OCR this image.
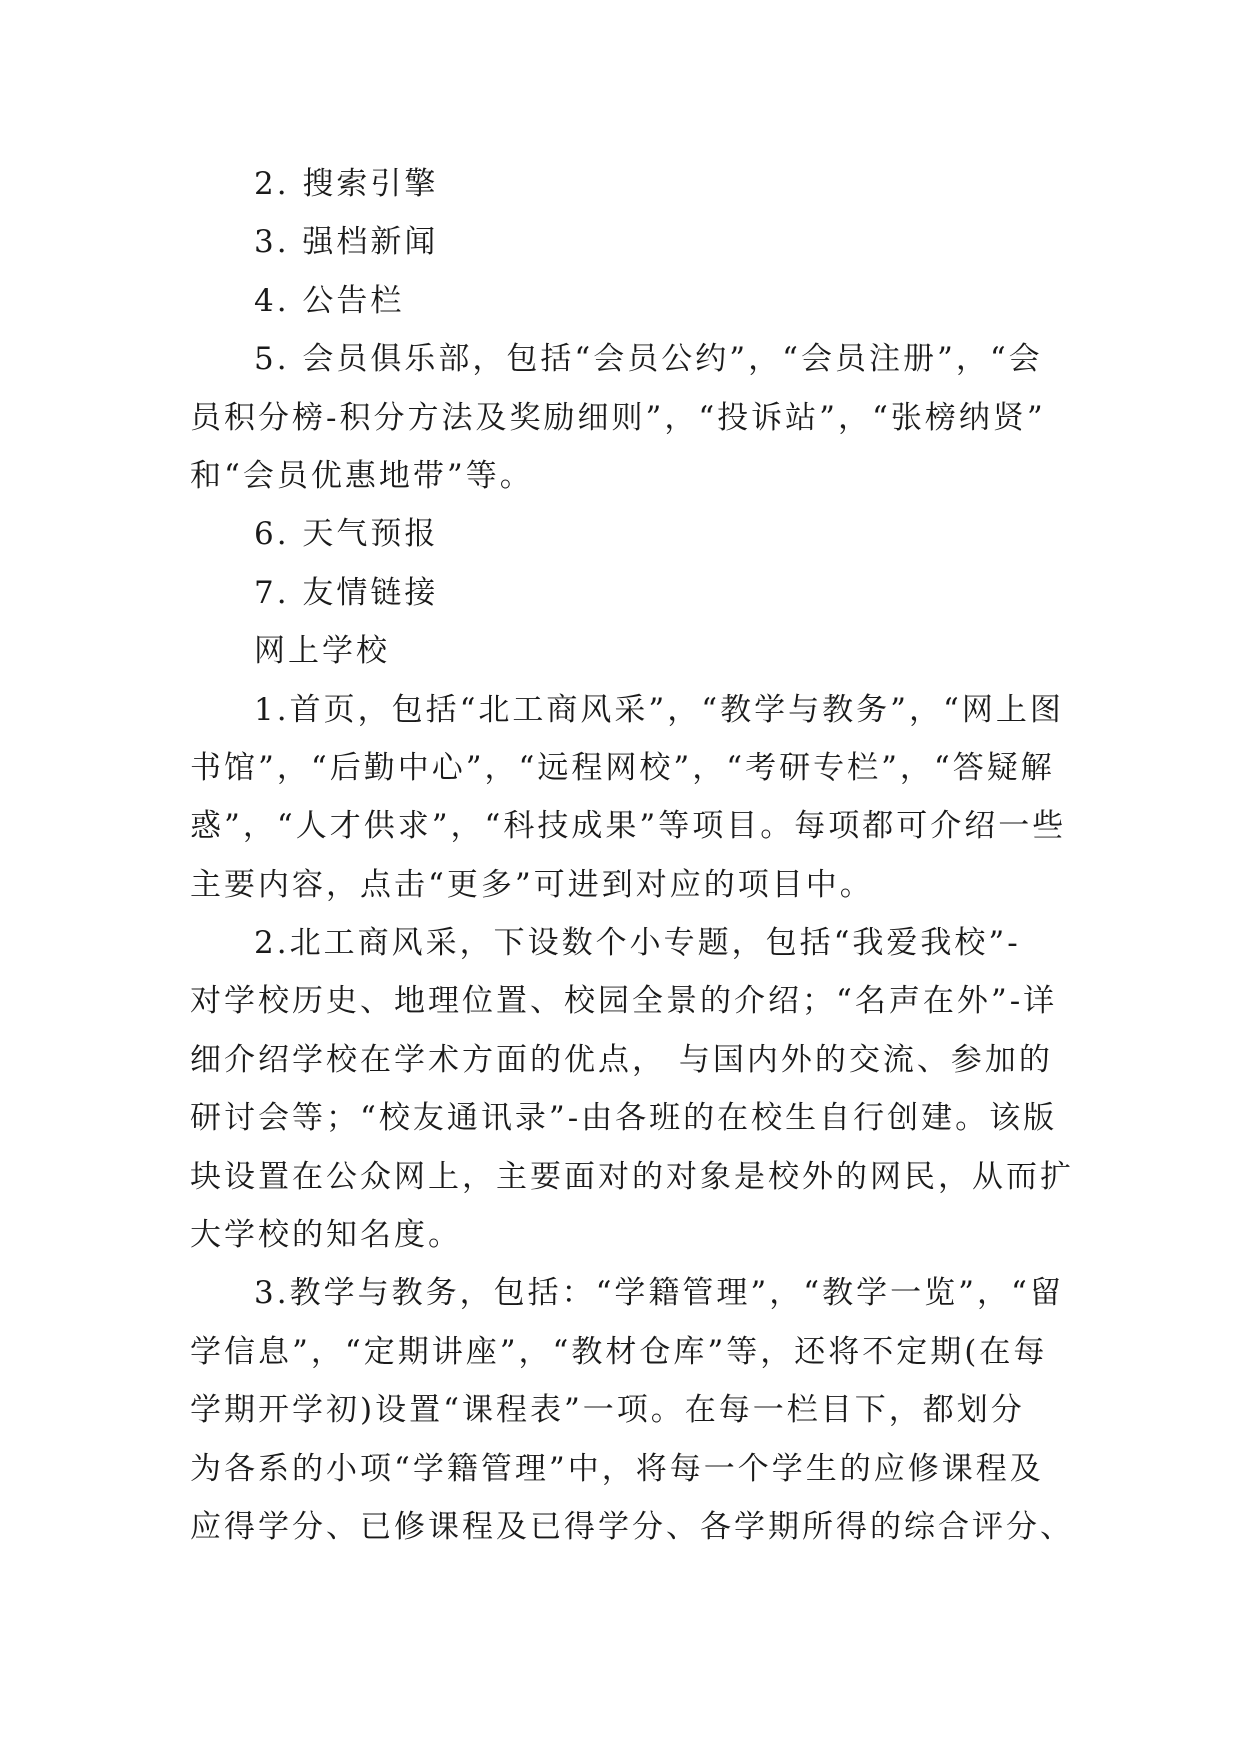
2. 搜索引擎

3. 强档新闻

4. 公告栏

5. 会员俱乐部，包括“会员公约”，“会员注册”，“会

员积分榜-积分方法及奖励细则”，“投诉站”，“张榜纳贤”

和“会员优惠地带”等。

6. 天气预报

7. 友情链接

网上学校

1.首页，包括“北工商风采”，“教学与教务”，“网上图

书馆”，“后勤中心”，“远程网校”，“考研专栏”，“答疑解

惑”，“人才供求”，“科技成果”等项目。每项都可介绍一些

主要内容，点击“更多”可进到对应的项目中。

2.北工商风采，下设数个小专题，包括“我爱我校”-

对学校历史、地理位置、校园全景的介绍；“名声在外”-详

细介绍学校在学术方面的优点， 与国内外的交流、参加的

研讨会等；“校友通讯录”-由各班的在校生自行创建。该版

块设置在公众网上，主要面对的对象是校外的网民，从而扩

大学校的知名度。

3.教学与教务，包括：“学籍管理”，“教学一览”，“留

学信息”，“定期讲座”，“教材仓库”等，还将不定期(在每

学期开学初)设置“课程表”一项。在每一栏目下，都划分

为各系的小项“学籍管理”中，将每一个学生的应修课程及

应得学分、已修课程及已得学分、各学期所得的综合评分、
